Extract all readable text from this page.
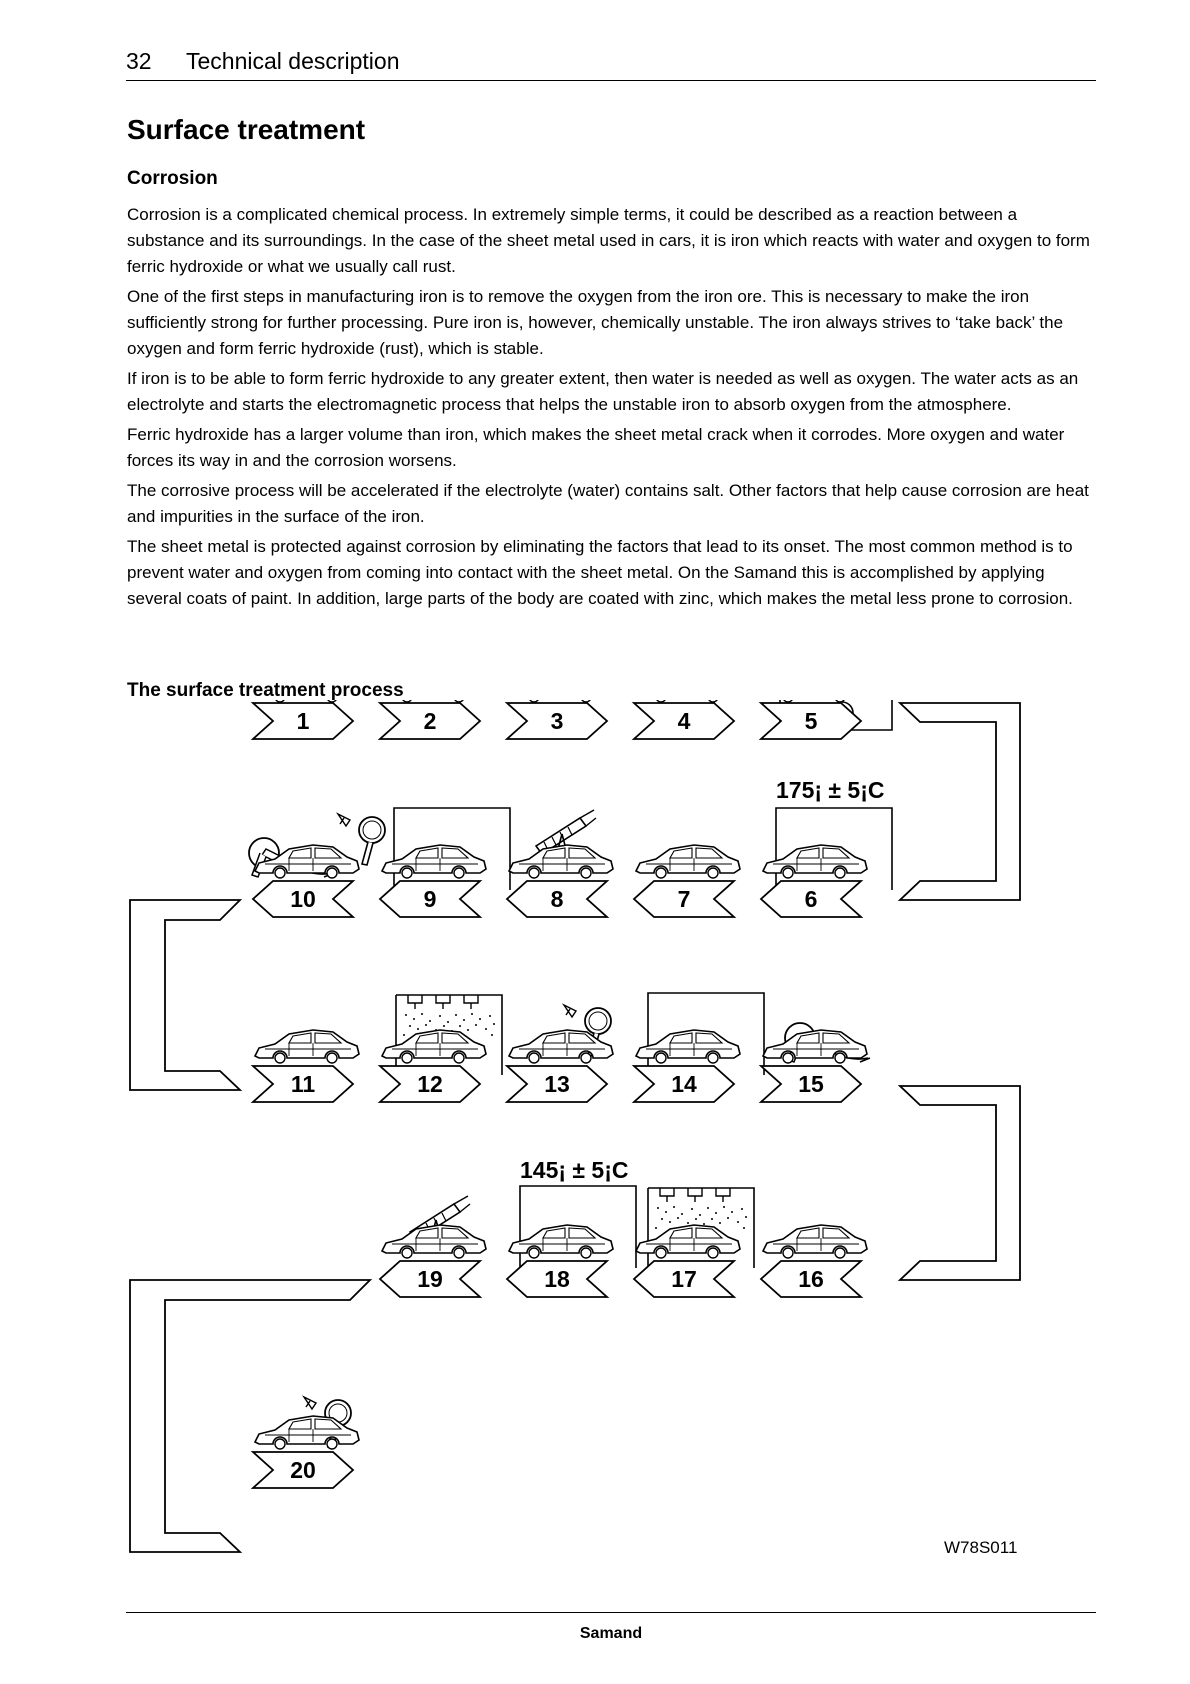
32 Technical description
Surface treatment
Corrosion

Corrosion is a complicated chemical process. In extremely simple terms, it could be described as a reaction between a substance and its surroundings. In the case of the sheet metal used in cars, it is iron which reacts with water and oxygen to form ferric hydroxide or what we usually call rust.

One of the first steps in manufacturing iron is to remove the oxygen from the iron ore. This is necessary to make the iron sufficiently strong for further processing. Pure iron is, however, chemically unstable. The iron always strives to ‘take back’ the oxygen and form ferric hydroxide (rust), which is stable.

If iron is to be able to form ferric hydroxide to any greater extent, then water is needed as well as oxygen. The water acts as an electrolyte and starts the electromagnetic process that helps the unstable iron to absorb oxygen from the atmosphere.

Ferric hydroxide has a larger volume than iron, which makes the sheet metal crack when it corrodes. More oxygen and water forces its way in and the corrosion worsens.

The corrosive process will be accelerated if the electrolyte (water) contains salt. Other factors that help cause corrosion are heat and impurities in the surface of the iron.

The sheet metal is protected against corrosion by eliminating the factors that lead to its onset. The most common method is to prevent water and oxygen from coming into contact with the sheet metal. On the Samand this is accomplished by applying several coats of paint. In addition, large parts of the body are coated with zinc, which makes the metal less prone to corrosion.

The surface treatment process
175¡ ± 5¡C
145¡ ± 5¡C
1	2	3	4	5
10	9	8	7	6
11	12	13	14	15
19	18	17	16
20
W78S011
Samand
